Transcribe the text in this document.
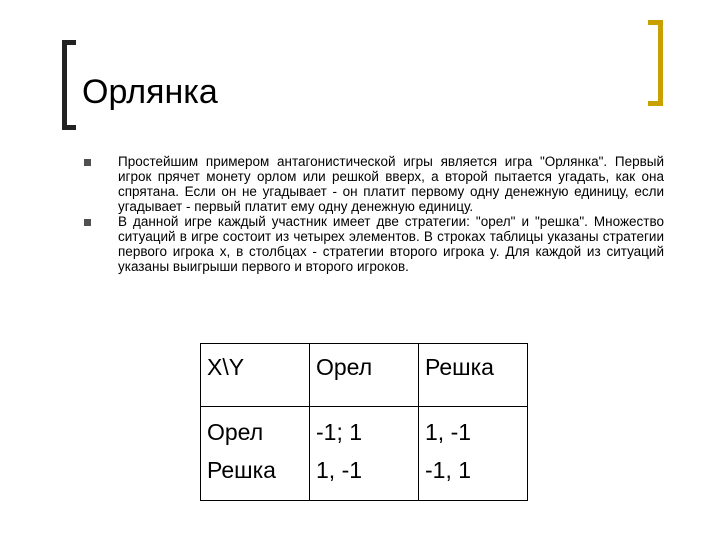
Орлянка
Простейшим примером антагонистической игры является игра "Орлянка". Первый игрок прячет монету орлом или решкой вверх, а второй пытается угадать, как она спрятана. Если он не угадывает - он платит первому одну денежную единицу, если угадывает - первый платит ему одну денежную единицу.
В данной игре каждый участник имеет две стратегии: "орел" и "решка". Множество ситуаций в игре состоит из четырех элементов. В строках таблицы указаны стратегии первого игрока x, в столбцах - стратегии второго игрока y. Для каждой из ситуаций указаны выигрыши первого и второго игроков.
X\Y	Орел	Решка
Орел	-1; 1	1, -1
Решка	1, -1	-1, 1
